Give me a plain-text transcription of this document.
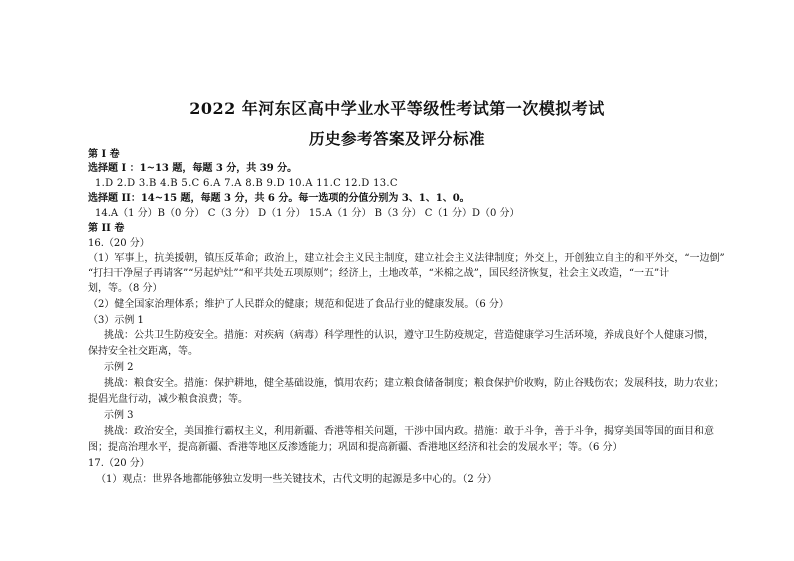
2022 年河东区高中学业水平等级性考试第一次模拟考试
历史参考答案及评分标准
第 I 卷
选择题 I ：1~13 题，每题 3 分，共 39 分。
1.D 2.D 3.B 4.B 5.C 6.A 7.A 8.B 9.D 10.A 11.C 12.D 13.C
选择题 II：14~15 题，每题 3 分，共 6 分。每一选项的分值分别为 3、1、1、0。
14.A（1 分）B（0 分） C（3 分） D（1 分） 15.A（1 分） B（3 分） C（1 分）D（0 分）
第 II 卷
16.（20 分）
（1）军事上，抗美援朝，镇压反革命；政治上，建立社会主义民主制度，建立社会主义法律制度；外交上，开创独立自主的和平外交，“一边倒”
“打扫干净屋子再请客”“另起炉灶”“和平共处五项原则”；经济上，土地改革，“米棉之战”，国民经济恢复，社会主义改造，“一五”计
划，等。（8 分）
（2）健全国家治理体系；维护了人民群众的健康；规范和促进了食品行业的健康发展。（6 分）
（3）示例 1
挑战：公共卫生防疫安全。措施：对疾病（病毒）科学理性的认识，遵守卫生防疫规定，营造健康学习生活环境，养成良好个人健康习惯，
保持安全社交距离，等。
示例 2
挑战：粮食安全。措施：保护耕地，健全基础设施，慎用农药；建立粮食储备制度；粮食保护价收购，防止谷贱伤农；发展科技，助力农业；
提倡光盘行动，减少粮食浪费；等。
示例 3
挑战：政治安全，美国推行霸权主义，利用新疆、香港等相关问题，干涉中国内政。措施：敢于斗争，善于斗争，揭穿美国等国的面目和意
图；提高治理水平，提高新疆、香港等地区反渗透能力；巩固和提高新疆、香港地区经济和社会的发展水平；等。（6 分）
17.（20 分）
（1）观点：世界各地都能够独立发明一些关键技术，古代文明的起源是多中心的。（2 分）
